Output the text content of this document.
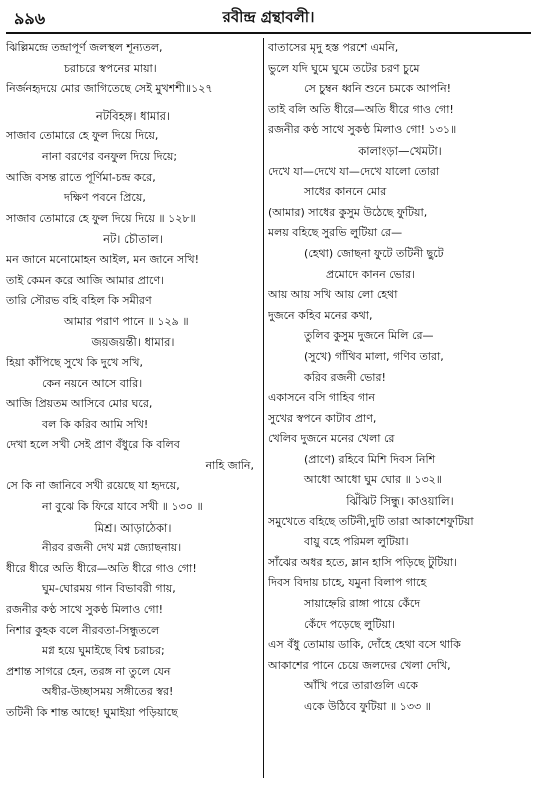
৯৯৬	রবীন্দ্র গ্রন্থাবলী।
ঝিল্লিমন্দ্রে তন্দ্রাপূর্ণ জলস্থল শূন্যতল,
চরাচরে স্বপনের মায়া।
নির্জনহৃদয়ে মোর জাগিতেছে সেই মুখশশী॥১২৭
নটবিহঙ্গ। ধামার।
সাজাব তোমারে হে ফুল দিয়ে দিয়ে,
নানা বরণের বনফুল দিয়ে দিয়ে;
আজি বসন্ত রাতে পূর্ণিমা-চন্দ্র করে,
দক্ষিণ পবনে প্রিয়ে,
সাজাব তোমারে হে ফুল দিয়ে দিয়ে ॥ ১২৮॥
নট। চৌতাল।
মন জানে মনোমোহন আইল, মন জানে সখি!
তাই কেমন করে আজি আমার প্রাণে।
তারি সৌরভ বহি বহিল কি সমীরণ
আমার পরাণ পানে ॥ ১২৯ ॥
জয়জয়ন্তী। ধামার।
হিয়া কাঁপিছে সুখে কি দুখে সখি,
কেন নয়নে আসে বারি।
আজি প্রিয়তম আসিবে মোর ঘরে,
বল কি করিব আমি সখি!
দেখা হলে সখী সেই প্রাণ বঁধুরে কি বলিব
নাহি জানি,
সে কি না জানিবে সখী রয়েছে যা হৃদয়ে,
না বুঝে কি ফিরে যাবে সখী ॥ ১৩০ ॥
মিশ্র। আড়াঠেকা।
নীরব রজনী দেখ মগ্ন জ্যোছনায়।
ধীরে ধীরে অতি ধীরে—অতি ধীরে গাও গো!
ঘুম-ঘোরময় গান বিভাবরী গায়,
রজনীর কণ্ঠ সাথে সুকণ্ঠ মিলাও গো!
নিশার কুহক বলে নীরবতা-সিন্ধুতলে
মগ্ন হয়ে ঘুমাইছে বিশ্ব চরাচর;
প্রশান্ত সাগরে হেন, তরঙ্গ না তুলে যেন
অধীর-উচ্ছাসময় সঙ্গীতের স্বর!
তটিনী কি শান্ত আছে! ঘুমাইয়া পড়িয়াছে
বাতাসের মৃদু হস্ত পরশে এমনি,
ভুলে যদি ঘুমে ঘুমে তটের চরণ চুমে
সে চুম্বন ধ্বনি শুনে চমকে আপনি!
তাই বলি অতি ধীরে—অতি ধীরে গাও গো!
রজনীর কণ্ঠ সাথে সুকণ্ঠ মিলাও গো! ১৩১॥
কালাংড়া—খেমটা।
দেখে যা—দেখে যা—দেখে যালো তোরা
সাধের কাননে মোর
(আমার) সাধের কুসুম উঠেছে ফুটিয়া,
মলয় বহিছে সুরভি লুটিয়া রে—
(হেথা) জোছনা ফুটে তটিনী ছুটে
প্রমোদে কানন ভোর।
আয় আয় সখি আয় লো হেথা
দুজনে কহিব মনের কথা,
তুলিব কুসুম দুজনে মিলি রে—
(সুখে) গাঁথিব মালা, গণিব তারা,
করিব রজনী ভোর!
একাসনে বসি গাহিব গান
সুখের স্বপনে কাটাব প্রাণ,
খেলিব দুজনে মনের খেলা রে
(প্রাণে) রহিবে মিশি দিবস নিশি
আধো আধো ঘুম ঘোর ॥ ১৩২॥
ঝিঁঝিট সিন্ধু। কাওয়ালি।
সমুখেতে বহিছে তটিনী,দুটি তারা আকাশেফুটিয়া
বায়ু বহে পরিমল লুটিয়া।
সাঁঝের অধর হতে, ম্লান হাসি পড়িছে টুটিয়া।
দিবস বিদায় চাহে, যমুনা বিলাপ গাহে
সায়াহ্নেরি রাঙ্গা পায়ে কেঁদে
কেঁদে পড়েছে লুটিয়া।
এস বঁধু তোমায় ডাকি, দোঁহে হেথা বসে থাকি
আকাশের পানে চেয়ে জলদের খেলা দেখি,
আঁখি পরে তারাগুলি একে
একে উঠিবে ফুটিয়া ॥ ১৩৩ ॥
